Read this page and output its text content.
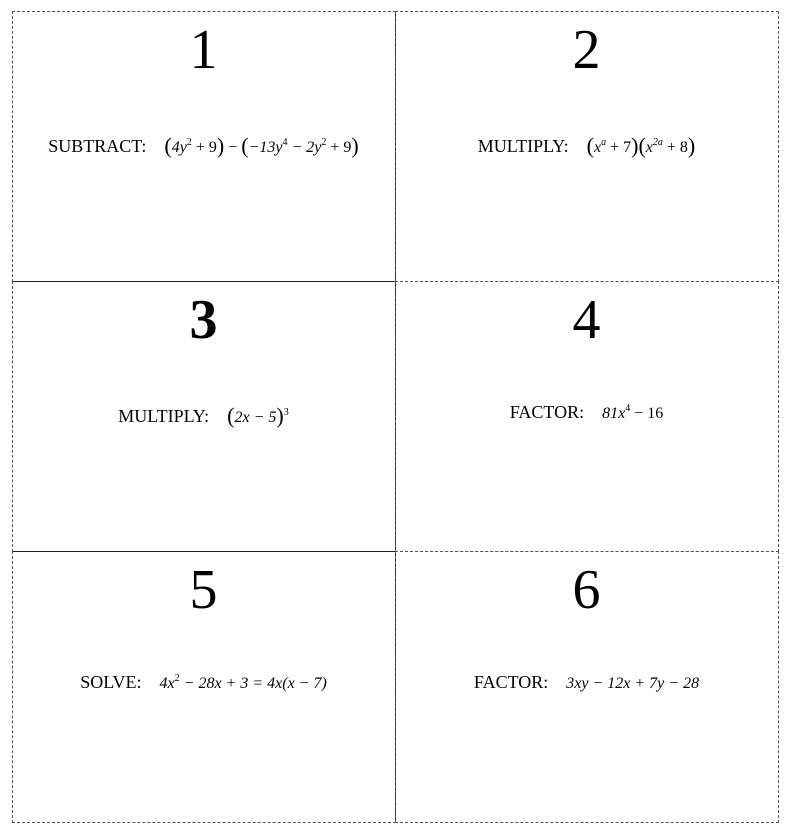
1
SUBTRACT: $(4y^2 + 9) - (-13y^4 - 2y^2 + 9)$
2
MULTIPLY: $(x^a + 7)(x^{2a} + 8)$
3
MULTIPLY: $(2x - 5)^3$
4
FACTOR: $81x^4 - 16$
5
SOLVE: $4x^2 - 28x + 3 = 4x(x - 7)$
6
FACTOR: 3xy − 12x + 7y − 28
